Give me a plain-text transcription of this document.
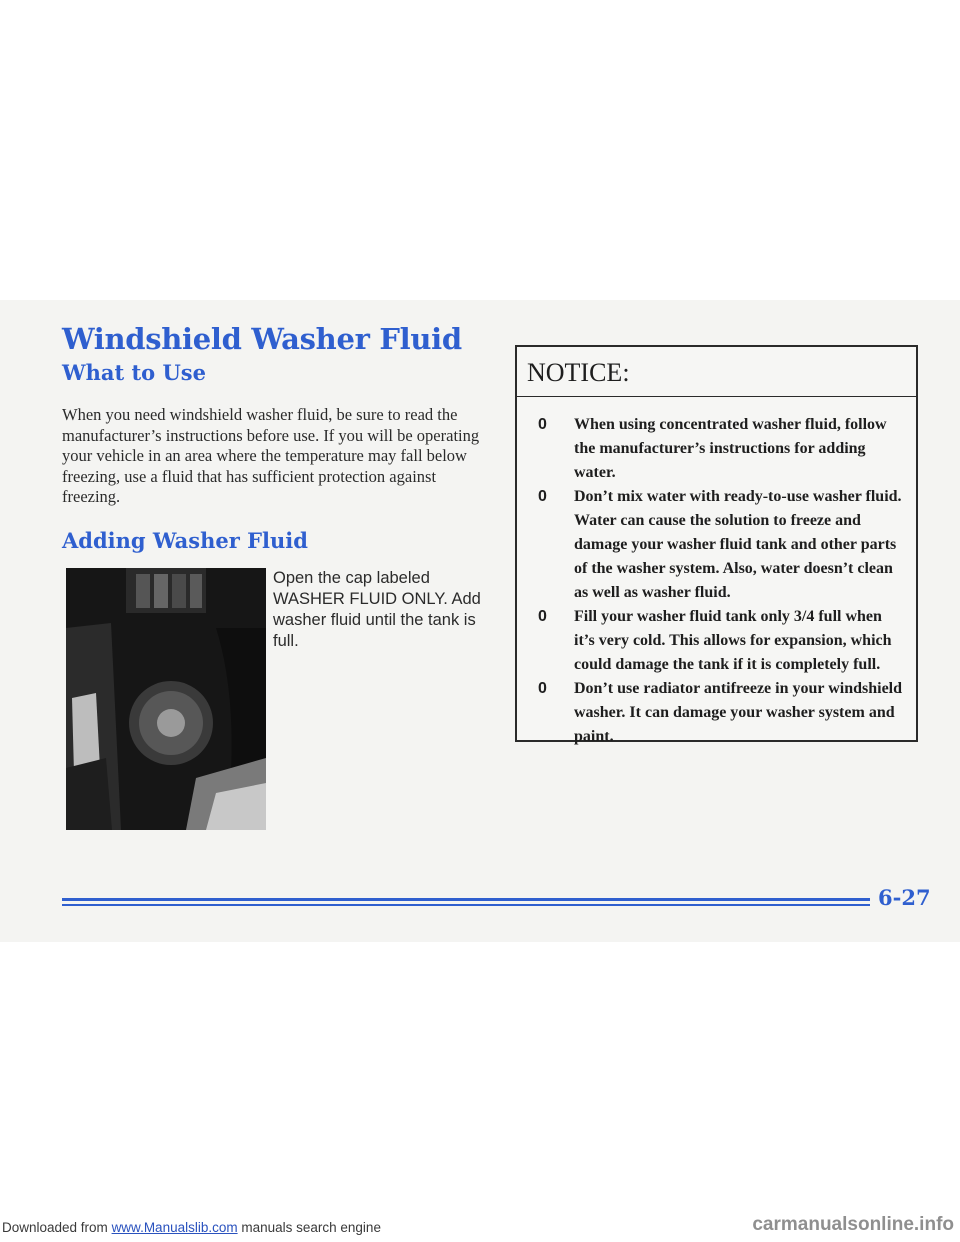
Windshield Washer Fluid
What to Use

When you need windshield washer fluid, be sure to read the manufacturer’s instructions before use. If you will be operating your vehicle in an area where the temperature may fall below freezing, use a fluid that has sufficient protection against freezing.

Adding Washer Fluid

Open the cap labeled WASHER FLUID ONLY. Add washer fluid until the tank is full.

NOTICE:
0 When using concentrated washer fluid, follow the manufacturer’s instructions for adding water.
0 Don’t mix water with ready-to-use washer fluid. Water can cause the solution to freeze and damage your washer fluid tank and other parts of the washer system. Also, water doesn’t clean as well as washer fluid.
0 Fill your washer fluid tank only 3/4 full when it’s very cold. This allows for expansion, which could damage the tank if it is completely full.
0 Don’t use radiator antifreeze in your windshield washer. It can damage your washer system and paint.

6-27

Downloaded from www.Manualslib.com manuals search engine	carmanualsonline.info
